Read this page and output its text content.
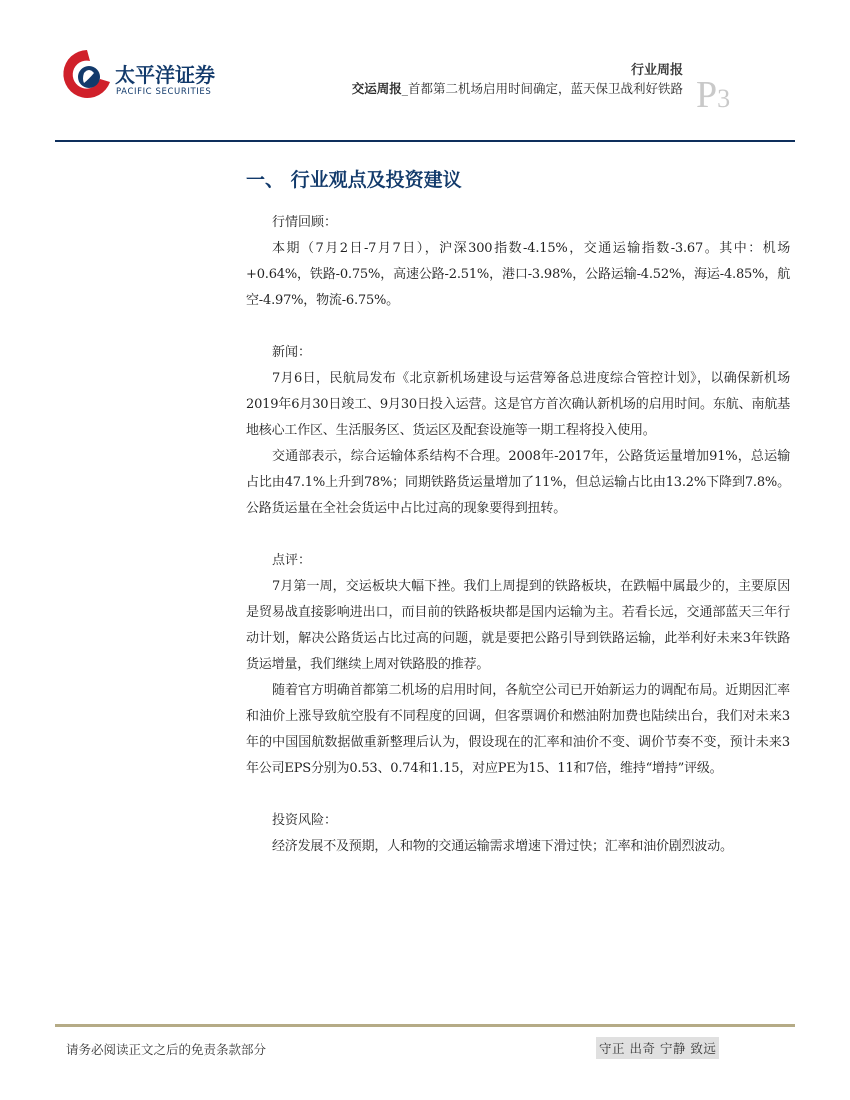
太平洋证券
PACIFIC SECURITIES
行业周报
交运周报_首都第二机场启用时间确定，蓝天保卫战利好铁路 P3
一、 行业观点及投资建议

行情回顾：

本期（7月2日-7月7日），沪深300指数-4.15%，交通运输指数-3.67。其中：机场+0.64%，铁路-0.75%，高速公路-2.51%，港口-3.98%，公路运输-4.52%，海运-4.85%，航空-4.97%，物流-6.75%。

新闻：

7月6日，民航局发布《北京新机场建设与运营筹备总进度综合管控计划》，以确保新机场2019年6月30日竣工、9月30日投入运营。这是官方首次确认新机场的启用时间。东航、南航基地核心工作区、生活服务区、货运区及配套设施等一期工程将投入使用。

交通部表示，综合运输体系结构不合理。2008年-2017年，公路货运量增加91%，总运输占比由47.1%上升到78%；同期铁路货运量增加了11%，但总运输占比由13.2%下降到7.8%。公路货运量在全社会货运中占比过高的现象要得到扭转。

点评：

7月第一周，交运板块大幅下挫。我们上周提到的铁路板块，在跌幅中属最少的，主要原因是贸易战直接影响进出口，而目前的铁路板块都是国内运输为主。若看长远，交通部蓝天三年行动计划，解决公路货运占比过高的问题，就是要把公路引导到铁路运输，此举利好未来3年铁路货运增量，我们继续上周对铁路股的推荐。

随着官方明确首都第二机场的启用时间，各航空公司已开始新运力的调配布局。近期因汇率和油价上涨导致航空股有不同程度的回调，但客票调价和燃油附加费也陆续出台，我们对未来3年的中国国航数据做重新整理后认为，假设现在的汇率和油价不变、调价节奏不变，预计未来3年公司EPS分别为0.53、0.74和1.15，对应PE为15、11和7倍，维持“增持”评级。

投资风险：

经济发展不及预期，人和物的交通运输需求增速下滑过快；汇率和油价剧烈波动。

请务必阅读正文之后的免责条款部分	守正 出奇 宁静 致远
